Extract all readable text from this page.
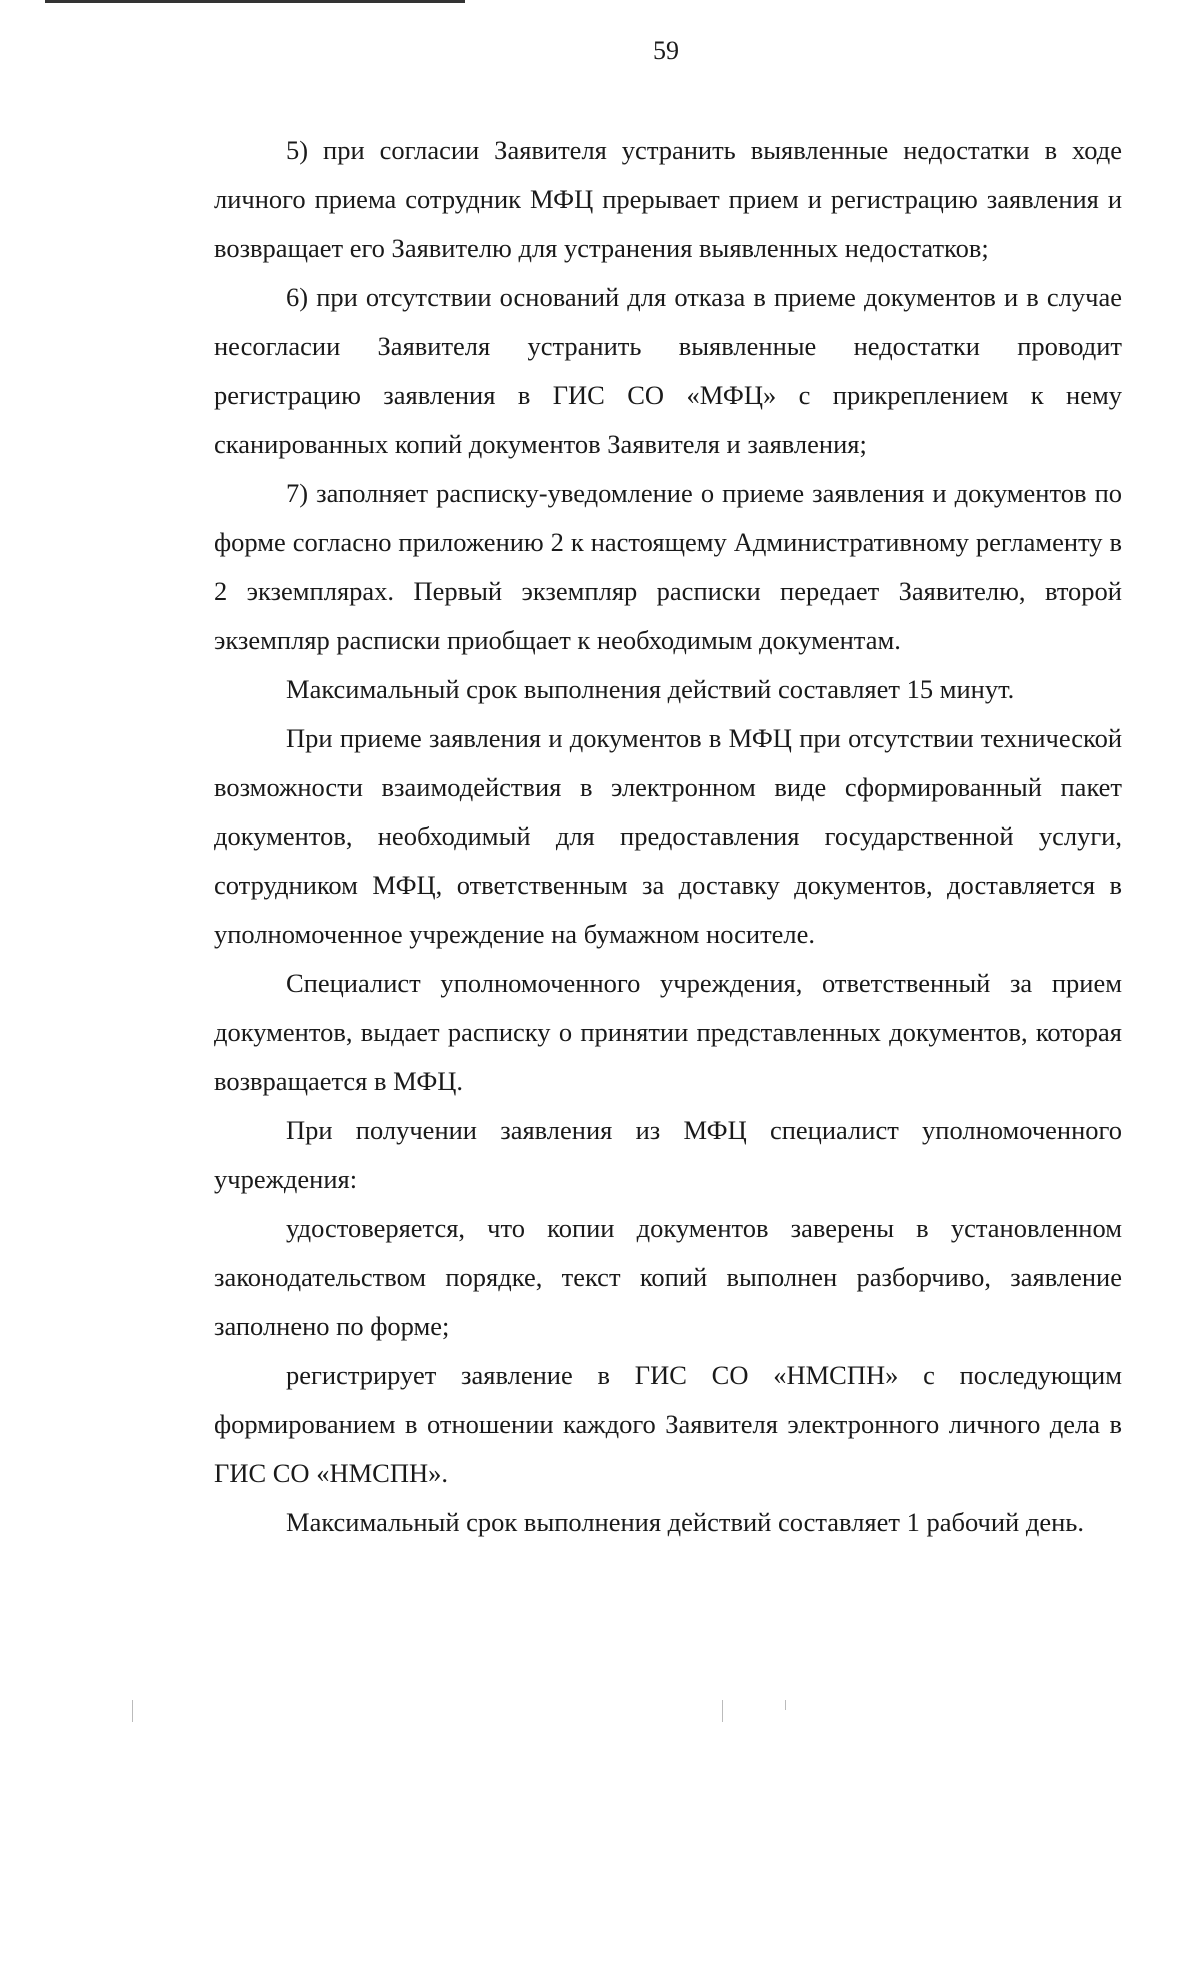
59

5) при согласии Заявителя устранить выявленные недостатки в ходе личного приема сотрудник МФЦ прерывает прием и регистрацию заявления и возвращает его Заявителю для устранения выявленных недостатков;

6) при отсутствии оснований для отказа в приеме документов и в случае несогласии Заявителя устранить выявленные недостатки проводит регистрацию заявления в ГИС СО «МФЦ» с прикреплением к нему сканированных копий документов Заявителя и заявления;

7) заполняет расписку-уведомление о приеме заявления и документов по форме согласно приложению 2 к настоящему Административному регламенту в 2 экземплярах. Первый экземпляр расписки передает Заявителю, второй экземпляр расписки приобщает к необходимым документам.

Максимальный срок выполнения действий составляет 15 минут.

При приеме заявления и документов в МФЦ при отсутствии технической возможности взаимодействия в электронном виде сформированный пакет документов, необходимый для предоставления государственной услуги, сотрудником МФЦ, ответственным за доставку документов, доставляется в уполномоченное учреждение на бумажном носителе.

Специалист уполномоченного учреждения, ответственный за прием документов, выдает расписку о принятии представленных документов, которая возвращается в МФЦ.

При получении заявления из МФЦ специалист уполномоченного учреждения:

удостоверяется, что копии документов заверены в установленном законодательством порядке, текст копий выполнен разборчиво, заявление заполнено по форме;

регистрирует заявление в ГИС СО «НМСПН» с последующим формированием в отношении каждого Заявителя электронного личного дела в ГИС СО «НМСПН».

Максимальный срок выполнения действий составляет 1 рабочий день.
